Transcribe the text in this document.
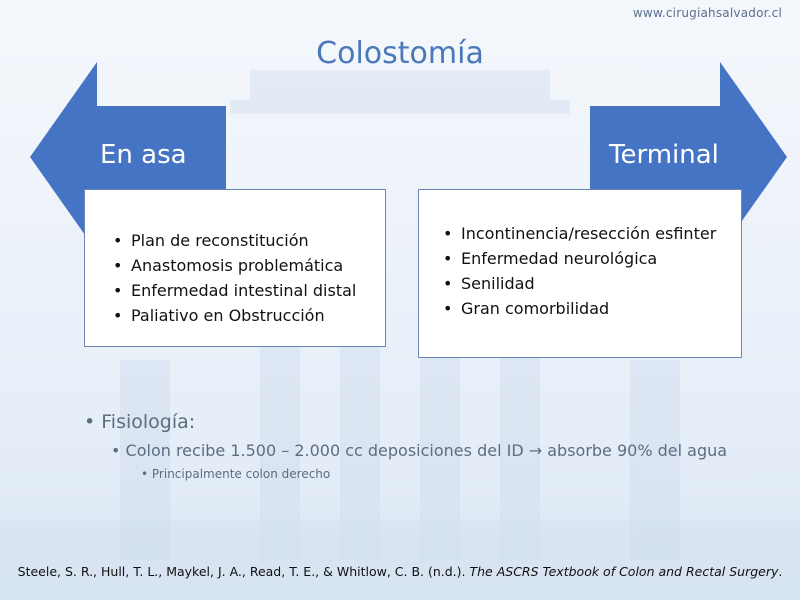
www.cirugiahsalvador.cl
Colostomía
• Plan de reconstitución
• Anastomosis problemática
• Enfermedad intestinal distal
• Paliativo en Obstrucción
• Incontinencia/resección esfinter
• Enfermedad neurológica
• Senilidad
• Gran comorbilidad
En asa	Terminal
• Fisiología:
• Colon recibe 1.500 – 2.000 cc deposiciones del ID → absorbe 90% del agua
• Principalmente colon derecho
Steele, S. R., Hull, T. L., Maykel, J. A., Read, T. E., & Whitlow, C. B. (n.d.). The ASCRS Textbook of Colon and Rectal Surgery.
